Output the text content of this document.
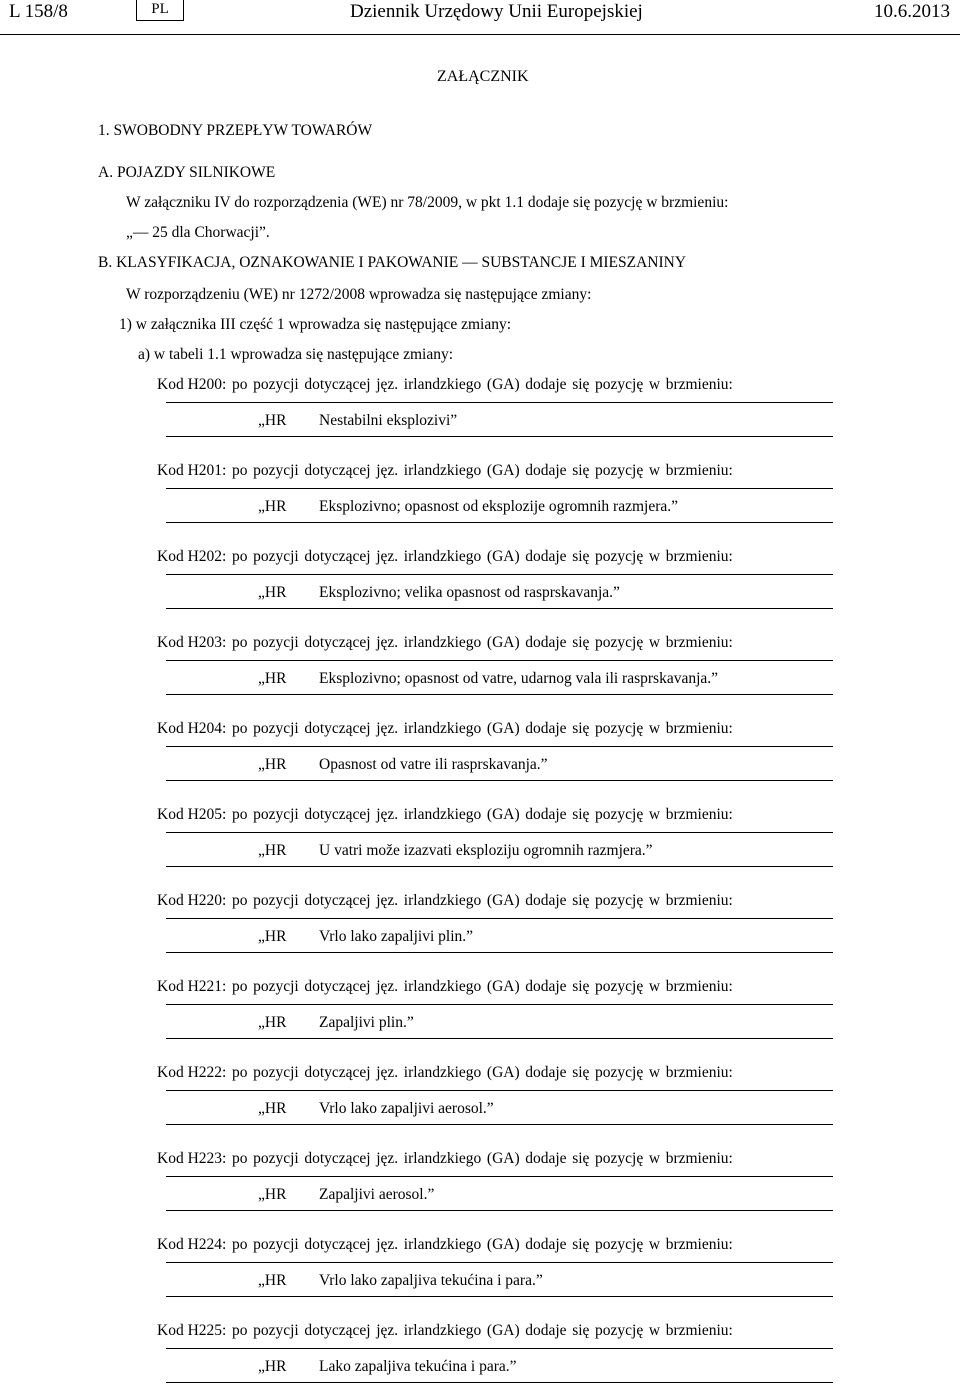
L 158/8	PL	Dziennik Urzędowy Unii Europejskiej	10.6.2013
ZAŁĄCZNIK
1. SWOBODNY PRZEPŁYW TOWARÓW
A. POJAZDY SILNIKOWE
W załączniku IV do rozporządzenia (WE) nr 78/2009, w pkt 1.1 dodaje się pozycję w brzmieniu:
„— 25 dla Chorwacji”.
B. KLASYFIKACJA, OZNAKOWANIE I PAKOWANIE — SUBSTANCJE I MIESZANINY
W rozporządzeniu (WE) nr 1272/2008 wprowadza się następujące zmiany:
1) w załącznika III część 1 wprowadza się następujące zmiany:
a) w tabeli 1.1 wprowadza się następujące zmiany:
Kod H200: po pozycji dotyczącej jęz. irlandzkiego (GA) dodaje się pozycję w brzmieniu:
„HR Nestabilni eksplozivi”
Kod H201: po pozycji dotyczącej jęz. irlandzkiego (GA) dodaje się pozycję w brzmieniu:
„HR Eksplozivno; opasnost od eksplozije ogromnih razmjera.”
Kod H202: po pozycji dotyczącej jęz. irlandzkiego (GA) dodaje się pozycję w brzmieniu:
„HR Eksplozivno; velika opasnost od rasprskavanja.”
Kod H203: po pozycji dotyczącej jęz. irlandzkiego (GA) dodaje się pozycję w brzmieniu:
„HR Eksplozivno; opasnost od vatre, udarnog vala ili rasprskavanja.”
Kod H204: po pozycji dotyczącej jęz. irlandzkiego (GA) dodaje się pozycję w brzmieniu:
„HR Opasnost od vatre ili rasprskavanja.”
Kod H205: po pozycji dotyczącej jęz. irlandzkiego (GA) dodaje się pozycję w brzmieniu:
„HR U vatri može izazvati eksploziju ogromnih razmjera.”
Kod H220: po pozycji dotyczącej jęz. irlandzkiego (GA) dodaje się pozycję w brzmieniu:
„HR Vrlo lako zapaljivi plin.”
Kod H221: po pozycji dotyczącej jęz. irlandzkiego (GA) dodaje się pozycję w brzmieniu:
„HR Zapaljivi plin.”
Kod H222: po pozycji dotyczącej jęz. irlandzkiego (GA) dodaje się pozycję w brzmieniu:
„HR Vrlo lako zapaljivi aerosol.”
Kod H223: po pozycji dotyczącej jęz. irlandzkiego (GA) dodaje się pozycję w brzmieniu:
„HR Zapaljivi aerosol.”
Kod H224: po pozycji dotyczącej jęz. irlandzkiego (GA) dodaje się pozycję w brzmieniu:
„HR Vrlo lako zapaljiva tekućina i para.”
Kod H225: po pozycji dotyczącej jęz. irlandzkiego (GA) dodaje się pozycję w brzmieniu:
„HR Lako zapaljiva tekućina i para.”
